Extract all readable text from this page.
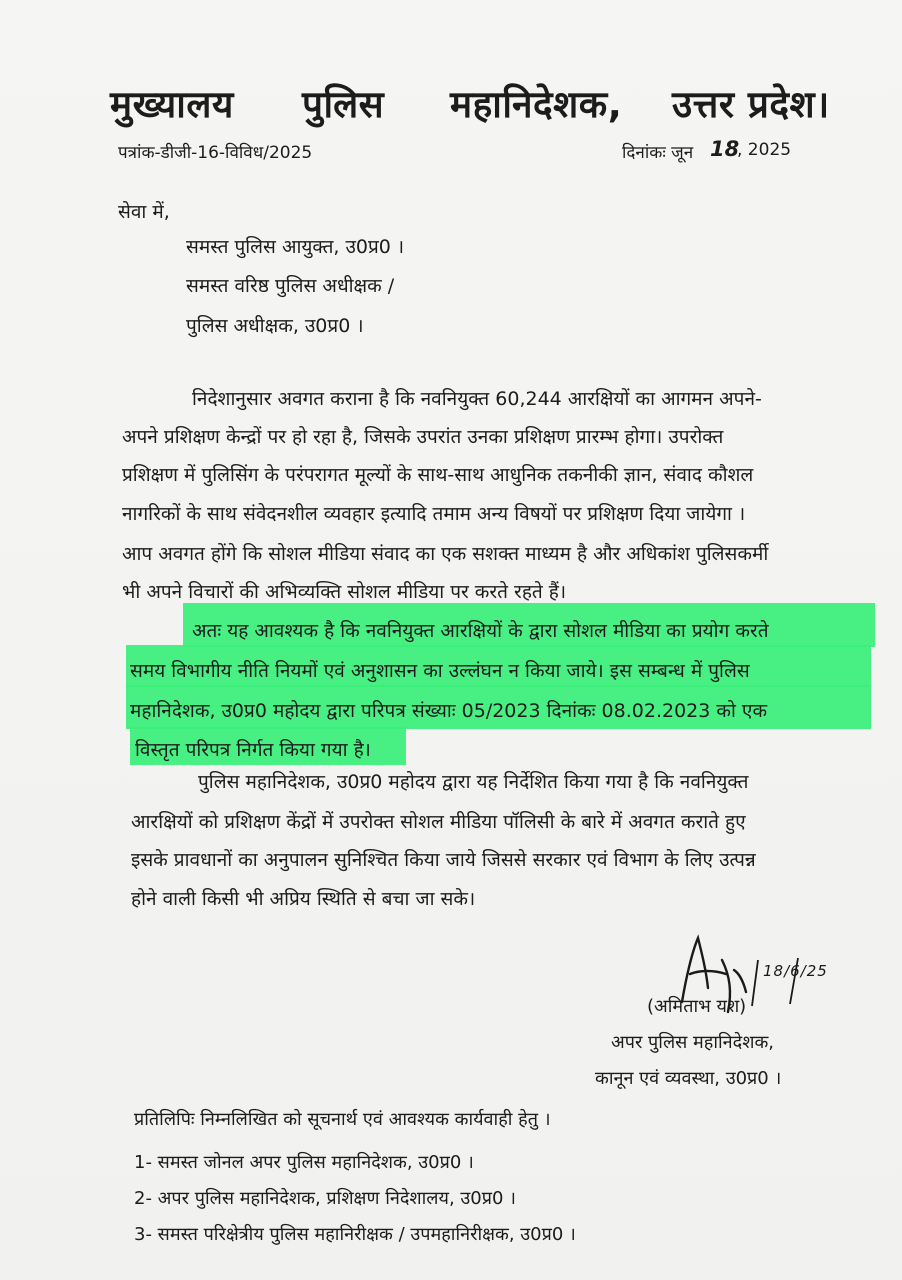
मुख्यालय पुलिस महानिदेशक, उत्तर प्रदेश।
पत्रांक-डीजी-16-विविध/2025	दिनांकः जून 18
, 2025
सेवा में,
समस्त पुलिस आयुक्त, उ0प्र0 ।
समस्त वरिष्ठ पुलिस अधीक्षक /
पुलिस अधीक्षक, उ0प्र0 ।
निदेशानुसार अवगत कराना है कि नवनियुक्त 60,244 आरक्षियों का आगमन अपने-
अपने प्रशिक्षण केन्द्रों पर हो रहा है, जिसके उपरांत उनका प्रशिक्षण प्रारम्भ होगा। उपरोक्त
प्रशिक्षण में पुलिसिंग के परंपरागत मूल्यों के साथ-साथ आधुनिक तकनीकी ज्ञान, संवाद कौशल
नागरिकों के साथ संवेदनशील व्यवहार इत्यादि तमाम अन्य विषयों पर प्रशिक्षण दिया जायेगा ।
आप अवगत होंगे कि सोशल मीडिया संवाद का एक सशक्त माध्यम है और अधिकांश पुलिसकर्मी
भी अपने विचारों की अभिव्यक्ति सोशल मीडिया पर करते रहते हैं।
अतः यह आवश्यक है कि नवनियुक्त आरक्षियों के द्वारा सोशल मीडिया का प्रयोग करते
समय विभागीय नीति नियमों एवं अनुशासन का उल्लंघन न किया जाये। इस सम्बन्ध में पुलिस
महानिदेशक, उ0प्र0 महोदय द्वारा परिपत्र संख्याः 05/2023 दिनांकः 08.02.2023 को एक
विस्तृत परिपत्र निर्गत किया गया है।
पुलिस महानिदेशक, उ0प्र0 महोदय द्वारा यह निर्देशित किया गया है कि नवनियुक्त
आरक्षियों को प्रशिक्षण केंद्रों में उपरोक्त सोशल मीडिया पॉलिसी के बारे में अवगत कराते हुए
इसके प्रावधानों का अनुपालन सुनिश्चित किया जाये जिससे सरकार एवं विभाग के लिए उत्पन्न
होने वाली किसी भी अप्रिय स्थिति से बचा जा सके।
18/6/25
(अमिताभ यश)
अपर पुलिस महानिदेशक,
कानून एवं व्यवस्था, उ0प्र0 ।
प्रतिलिपिः निम्नलिखित को सूचनार्थ एवं आवश्यक कार्यवाही हेतु ।
1- समस्त जोनल अपर पुलिस महानिदेशक, उ0प्र0 ।
2- अपर पुलिस महानिदेशक, प्रशिक्षण निदेशालय, उ0प्र0 ।
3- समस्त परिक्षेत्रीय पुलिस महानिरीक्षक / उपमहानिरीक्षक, उ0प्र0 ।
